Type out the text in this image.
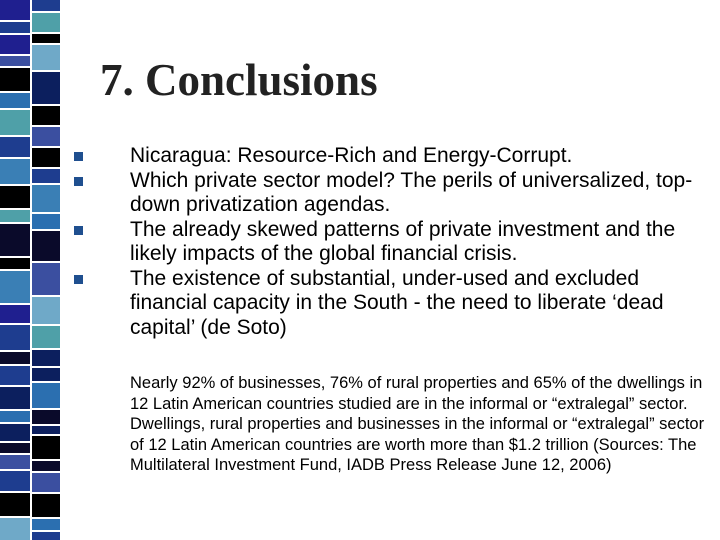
7. Conclusions
Nicaragua: Resource-Rich and Energy-Corrupt.
Which private sector model? The perils of universalized, top-down privatization agendas.
The already skewed patterns of private investment and the likely impacts of the global financial crisis.
The existence of substantial, under-used and excluded financial capacity in the South - the need to liberate ‘dead capital’ (de Soto)

Nearly 92% of businesses, 76% of rural properties and 65% of the dwellings in 12 Latin American countries studied are in the informal or “extralegal” sector. Dwellings, rural properties and businesses in the informal or “extralegal” sector of 12 Latin American countries are worth more than $1.2 trillion (Sources: The Multilateral Investment Fund, IADB Press Release June 12, 2006)
